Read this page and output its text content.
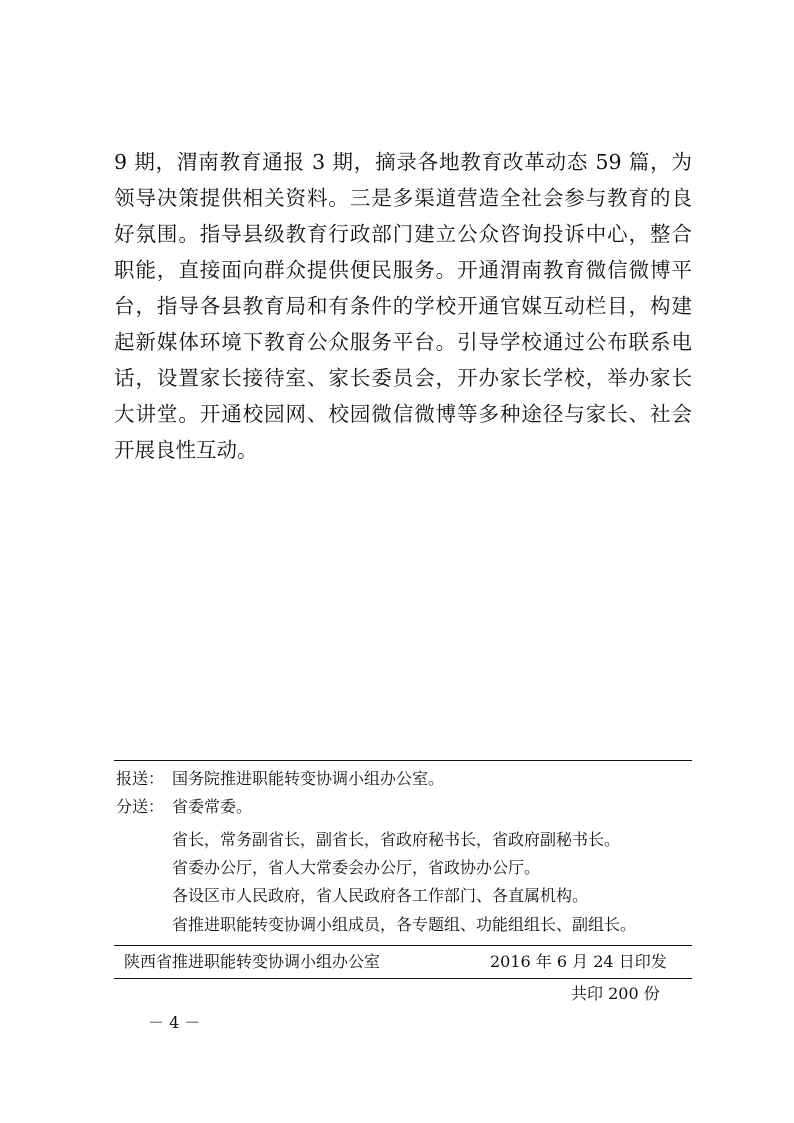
9 期，渭南教育通报 3 期，摘录各地教育改革动态 59 篇，为
领导决策提供相关资料。三是多渠道营造全社会参与教育的良
好氛围。指导县级教育行政部门建立公众咨询投诉中心，整合
职能，直接面向群众提供便民服务。开通渭南教育微信微博平
台，指导各县教育局和有条件的学校开通官媒互动栏目，构建
起新媒体环境下教育公众服务平台。引导学校通过公布联系电
话，设置家长接待室、家长委员会，开办家长学校，举办家长
大讲堂。开通校园网、校园微信微博等多种途径与家长、社会
开展良性互动。
报送： 国务院推进职能转变协调小组办公室。
分送： 省委常委。
省长，常务副省长，副省长，省政府秘书长，省政府副秘书长。
省委办公厅，省人大常委会办公厅，省政协办公厅。
各设区市人民政府，省人民政府各工作部门、各直属机构。
省推进职能转变协调小组成员，各专题组、功能组组长、副组长。
陕西省推进职能转变协调小组办公室	2016 年 6 月 24 日印发
共印 200 份
－ 4 －
